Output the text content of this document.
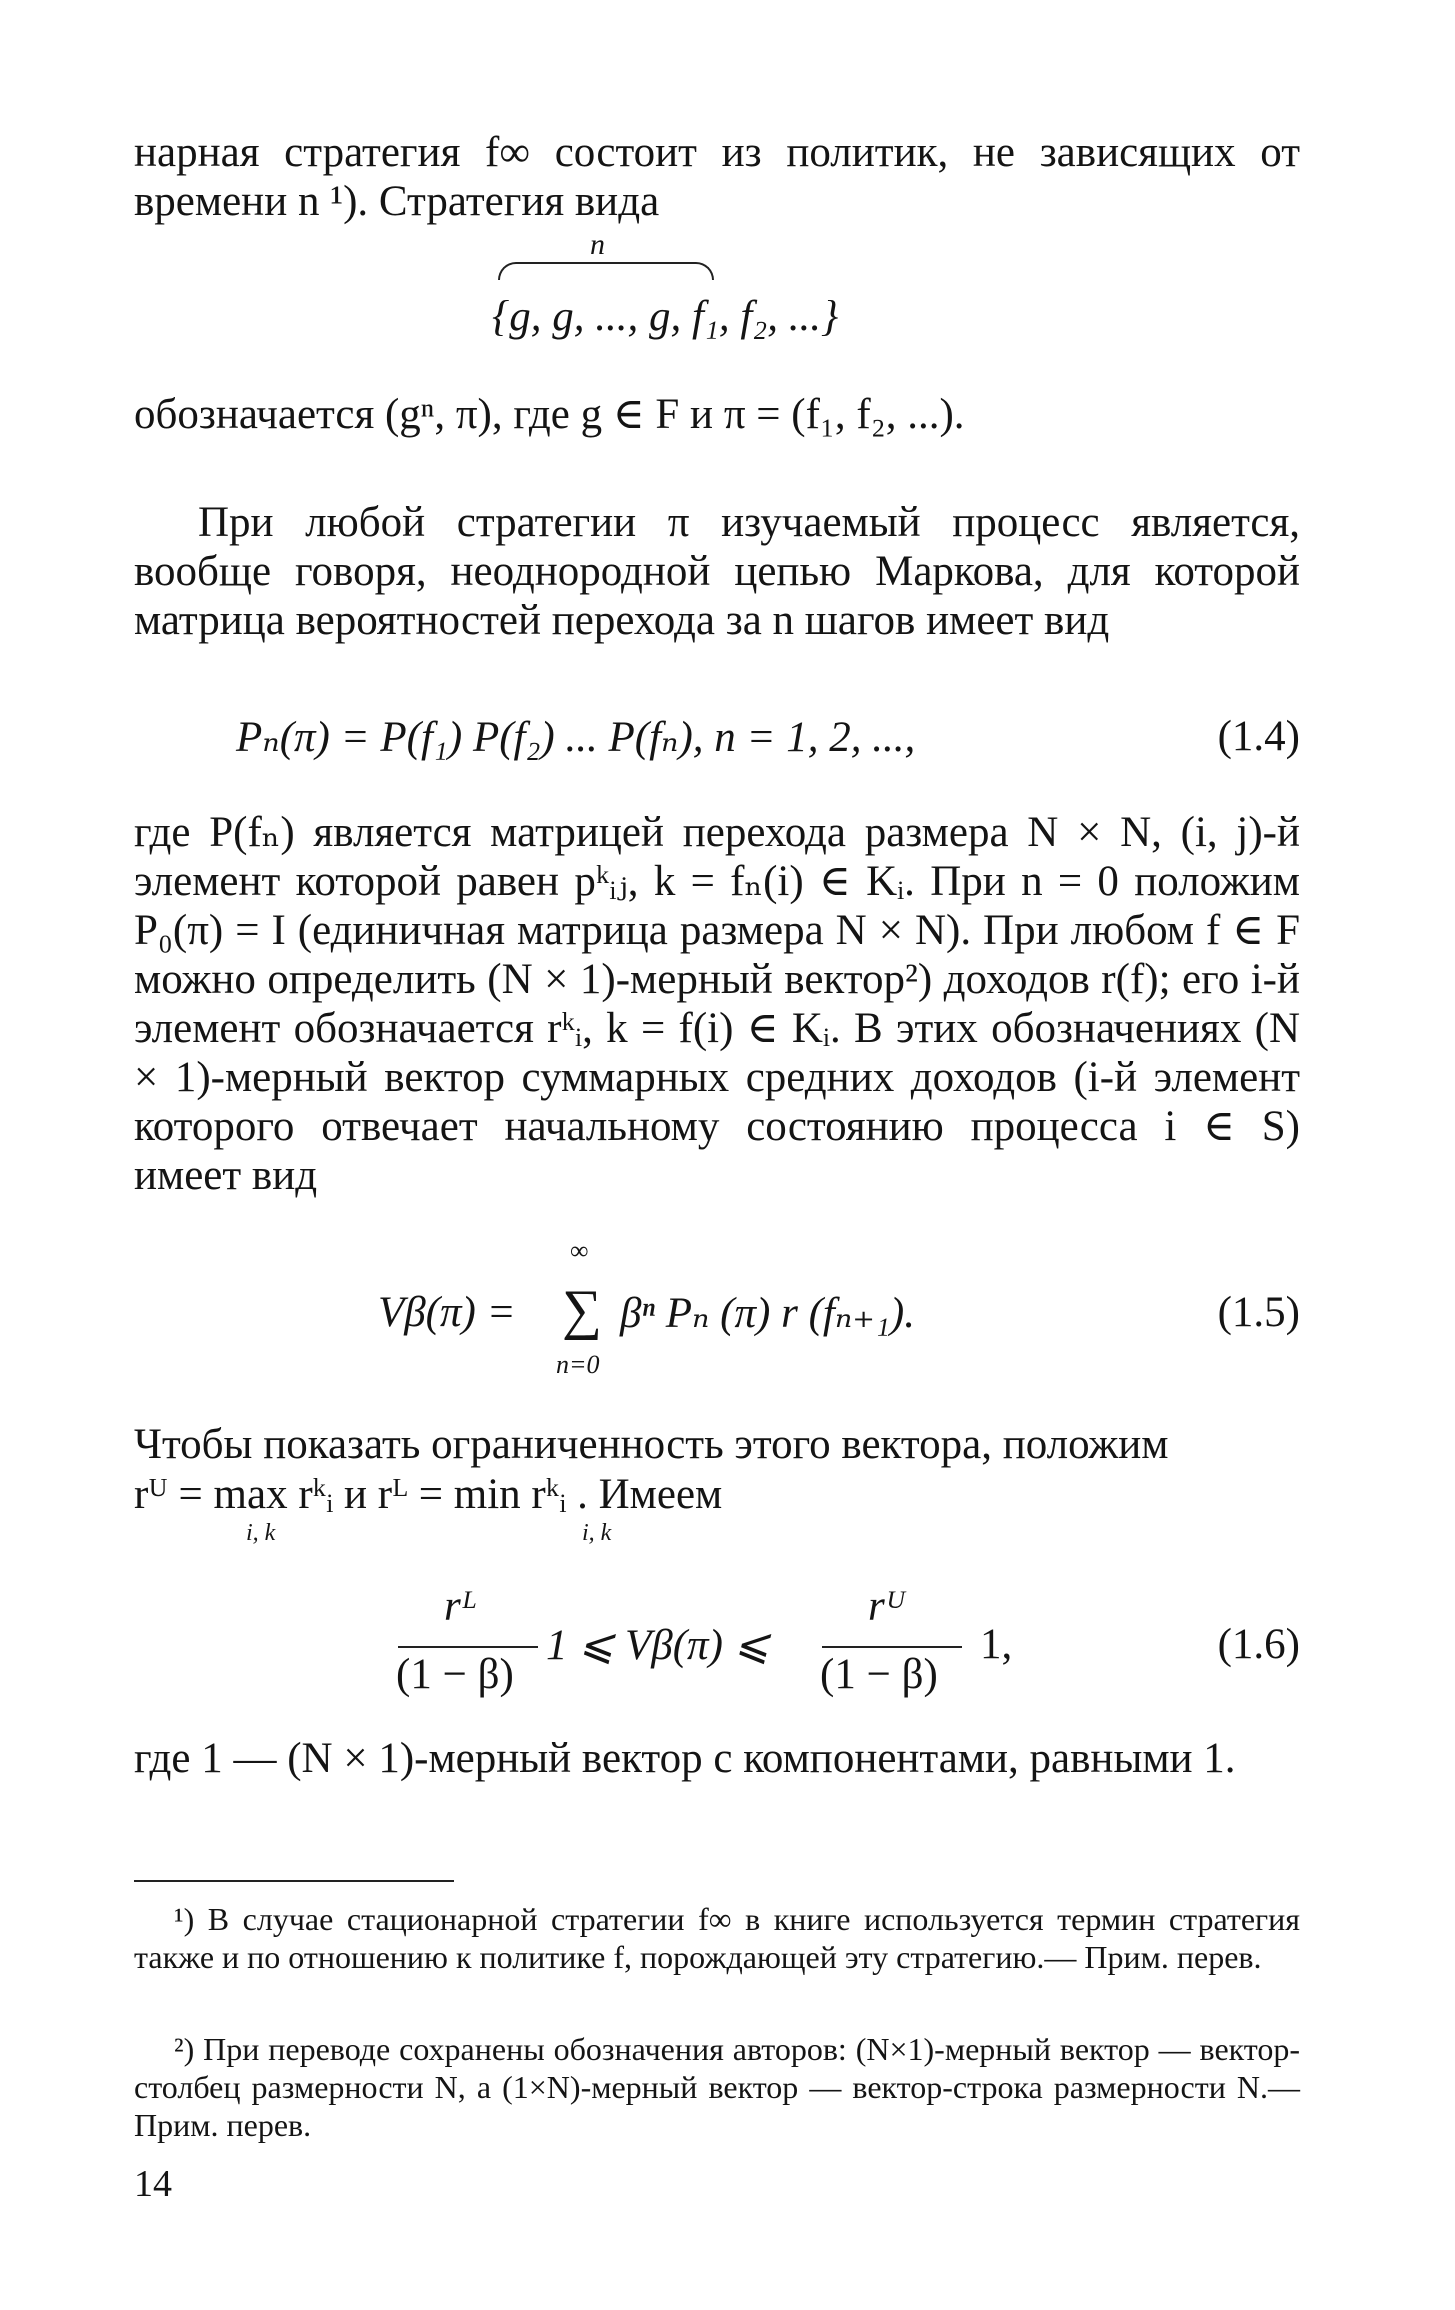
нарная стратегия f∞ состоит из политик, не зависящих от времени n ¹). Стратегия вида
n
{g, g, ..., g, f₁, f₂, ...}
обозначается (gⁿ, π), где g ∈ F и π = (f₁, f₂, ...).
При любой стратегии π изучаемый процесс является, вообще говоря, неоднородной цепью Маркова, для которой матрица вероятностей перехода за n шагов имеет вид
Pₙ(π) = P(f₁) P(f₂) ... P(fₙ), n = 1, 2, ...,	(1.4)
где P(fₙ) является матрицей перехода размера N × N, (i, j)-й элемент которой равен pᵏᵢⱼ, k = fₙ(i) ∈ Kᵢ. При n = 0 положим P₀(π) = I (единичная матрица размера N × N). При любом f ∈ F можно определить (N × 1)-мерный вектор²) доходов r(f); его i-й элемент обозначается rᵏᵢ, k = f(i) ∈ Kᵢ. В этих обозначениях (N × 1)-мерный вектор суммарных средних доходов (i-й элемент которого отвечает начальному состоянию процесса i ∈ S) имеет вид
∞
Vβ(π) = ∑ βⁿ Pₙ (π) r (fₙ₊₁).
n=0
(1.5)
Чтобы показать ограниченность этого вектора, положим
rᵁ = max rᵏᵢ и rᴸ = min rᵏᵢ . Имеем
i, k	i, k
rᴸ
(1 − β)
1 ⩽ Vβ(π) ⩽
rᵁ
(1 − β)
1,	(1.6)
где 1 — (N × 1)-мерный вектор с компонентами, равными 1.
¹) В случае стационарной стратегии f∞ в книге используется термин стратегия также и по отношению к политике f, порождающей эту стратегию.— Прим. перев.
²) При переводе сохранены обозначения авторов: (N×1)-мерный вектор — вектор-столбец размерности N, а (1×N)-мерный вектор — вектор-строка размерности N.— Прим. перев.
14
